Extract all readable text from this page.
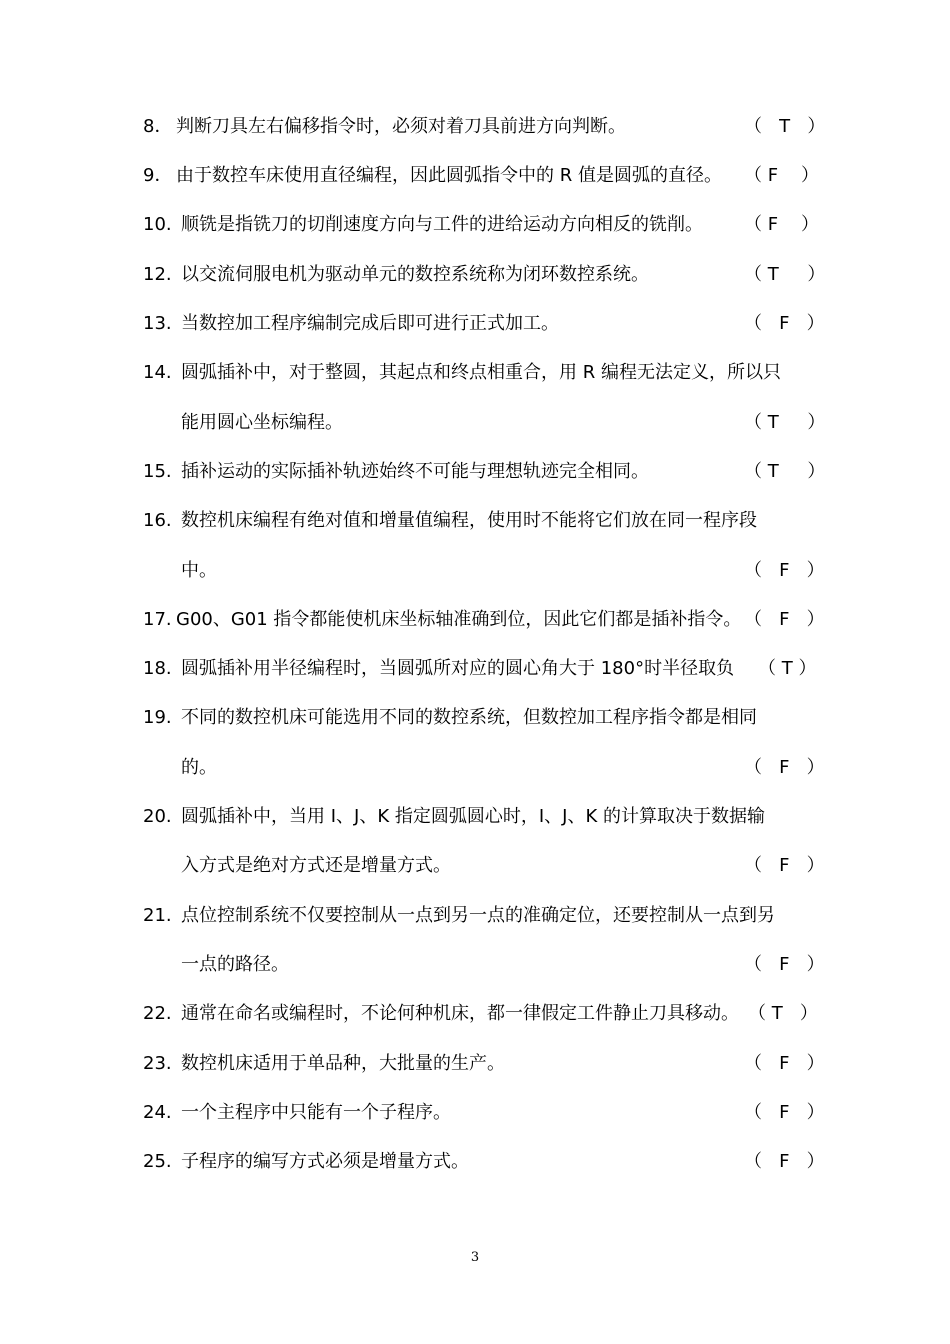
8． 判断刀具左右偏移指令时，必须对着刀具前进方向判断。	（   T   ）
9． 由于数控车床使用直径编程，因此圆弧指令中的 R 值是圆弧的直径。 （ F    ）
10. 顺铣是指铣刀的切削速度方向与工件的进给运动方向相反的铣削。 （ F    ）
12. 以交流伺服电机为驱动单元的数控系统称为闭环数控系统。	（ T     ）
13. 当数控加工程序编制完成后即可进行正式加工。	（   F   ）
14. 圆弧插补中，对于整圆，其起点和终点相重合，用 R 编程无法定义，所以只
能用圆心坐标编程。	（ T     ）
15. 插补运动的实际插补轨迹始终不可能与理想轨迹完全相同。	（ T     ）
16. 数控机床编程有绝对值和增量值编程，使用时不能将它们放在同一程序段
中。	（   F   ）
17. G00、G01 指令都能使机床坐标轴准确到位，因此它们都是插补指令。 （   F   ）
18. 圆弧插补用半径编程时，当圆弧所对应的圆心角大于 180°时半径取负 （ T ）
19. 不同的数控机床可能选用不同的数控系统，但数控加工程序指令都是相同
的。	（   F   ）
20. 圆弧插补中，当用 I、J、K 指定圆弧圆心时，I、J、K 的计算取决于数据输
入方式是绝对方式还是增量方式。	（   F   ）
21. 点位控制系统不仅要控制从一点到另一点的准确定位，还要控制从一点到另
一点的路径。	（   F   ）
22. 通常在命名或编程时，不论何种机床，都一律假定工件静止刀具移动。 （ T   ）
23. 数控机床适用于单品种，大批量的生产。	（   F   ）
24. 一个主程序中只能有一个子程序。	（   F   ）
25. 子程序的编写方式必须是增量方式。	（   F   ）
3
